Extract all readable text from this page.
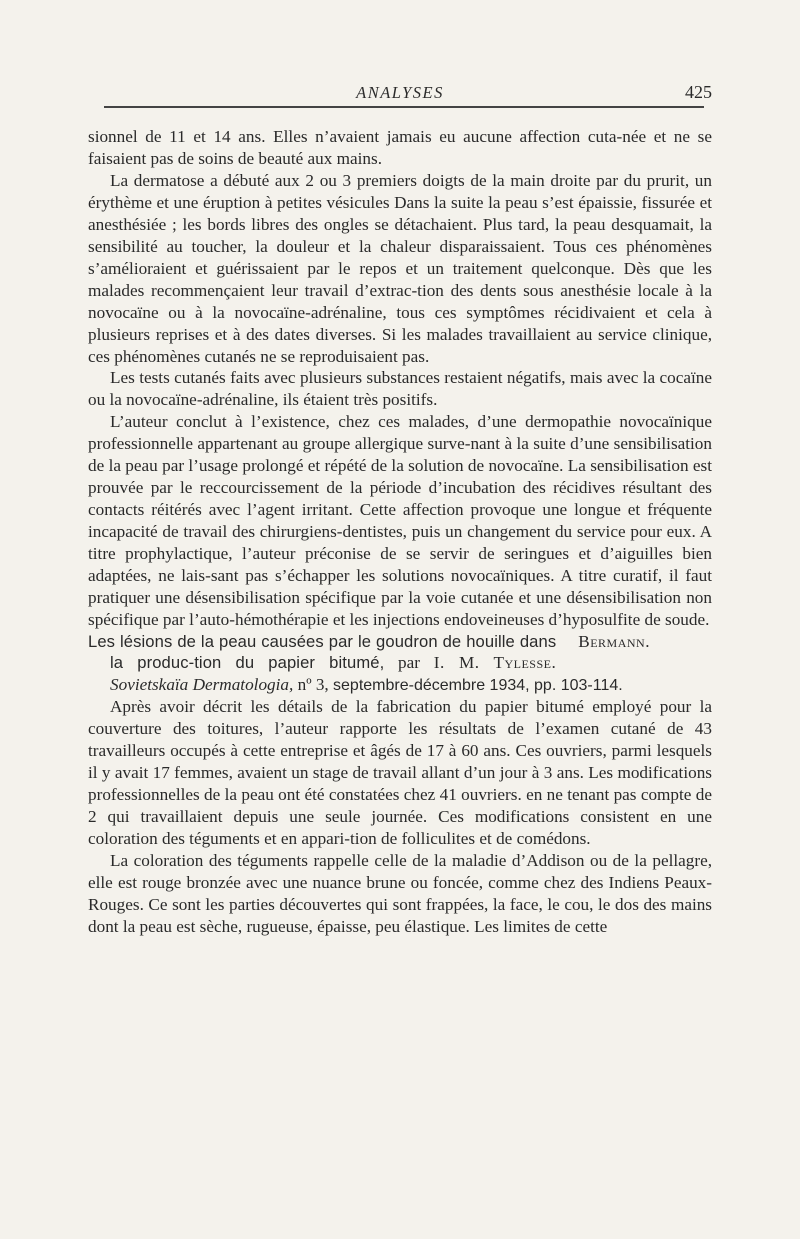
ANALYSES	425

sionnel de 11 et 14 ans. Elles n’avaient jamais eu aucune affection cuta-née et ne se faisaient pas de soins de beauté aux mains.

La dermatose a débuté aux 2 ou 3 premiers doigts de la main droite par du prurit, un érythème et une éruption à petites vésicules Dans la suite la peau s’est épaissie, fissurée et anesthésiée ; les bords libres des ongles se détachaient. Plus tard, la peau desquamait, la sensibilité au toucher, la douleur et la chaleur disparaissaient. Tous ces phénomènes s’amélioraient et guérissaient par le repos et un traitement quelconque. Dès que les malades recommençaient leur travail d’extrac-tion des dents sous anesthésie locale à la novocaïne ou à la novocaïne-adrénaline, tous ces symptômes récidivaient et cela à plusieurs reprises et à des dates diverses. Si les malades travaillaient au service clinique, ces phénomènes cutanés ne se reproduisaient pas.

Les tests cutanés faits avec plusieurs substances restaient négatifs, mais avec la cocaïne ou la novocaïne-adrénaline, ils étaient très positifs.

L’auteur conclut à l’existence, chez ces malades, d’une dermopathie novocaïnique professionnelle appartenant au groupe allergique surve-nant à la suite d’une sensibilisation de la peau par l’usage prolongé et répété de la solution de novocaïne. La sensibilisation est prouvée par le reccourcissement de la période d’incubation des récidives résultant des contacts réitérés avec l’agent irritant. Cette affection provoque une longue et fréquente incapacité de travail des chirurgiens-dentistes, puis un changement du service pour eux. A titre prophylactique, l’auteur préconise de se servir de seringues et d’aiguilles bien adaptées, ne lais-sant pas s’échapper les solutions novocaïniques. A titre curatif, il faut pratiquer une désensibilisation spécifique par la voie cutanée et une désensibilisation non spécifique par l’auto-hémothérapie et les injections endoveineuses d’hyposulfite de soude.
Bermann.

Les lésions de la peau causées par le goudron de houille dans la produc-tion du papier bitumé, par I. M. Tylesse. Sovietskaïa Dermatologia, nº 3, septembre-décembre 1934, pp. 103-114.

Après avoir décrit les détails de la fabrication du papier bitumé employé pour la couverture des toitures, l’auteur rapporte les résultats de l’examen cutané de 43 travailleurs occupés à cette entreprise et âgés de 17 à 60 ans. Ces ouvriers, parmi lesquels il y avait 17 femmes, avaient un stage de travail allant d’un jour à 3 ans. Les modifications professionnelles de la peau ont été constatées chez 41 ouvriers. en ne tenant pas compte de 2 qui travaillaient depuis une seule journée. Ces modifications consistent en une coloration des téguments et en appari-tion de folliculites et de comédons.

La coloration des téguments rappelle celle de la maladie d’Addison ou de la pellagre, elle est rouge bronzée avec une nuance brune ou foncée, comme chez des Indiens Peaux-Rouges. Ce sont les parties découvertes qui sont frappées, la face, le cou, le dos des mains dont la peau est sèche, rugueuse, épaisse, peu élastique. Les limites de cette
